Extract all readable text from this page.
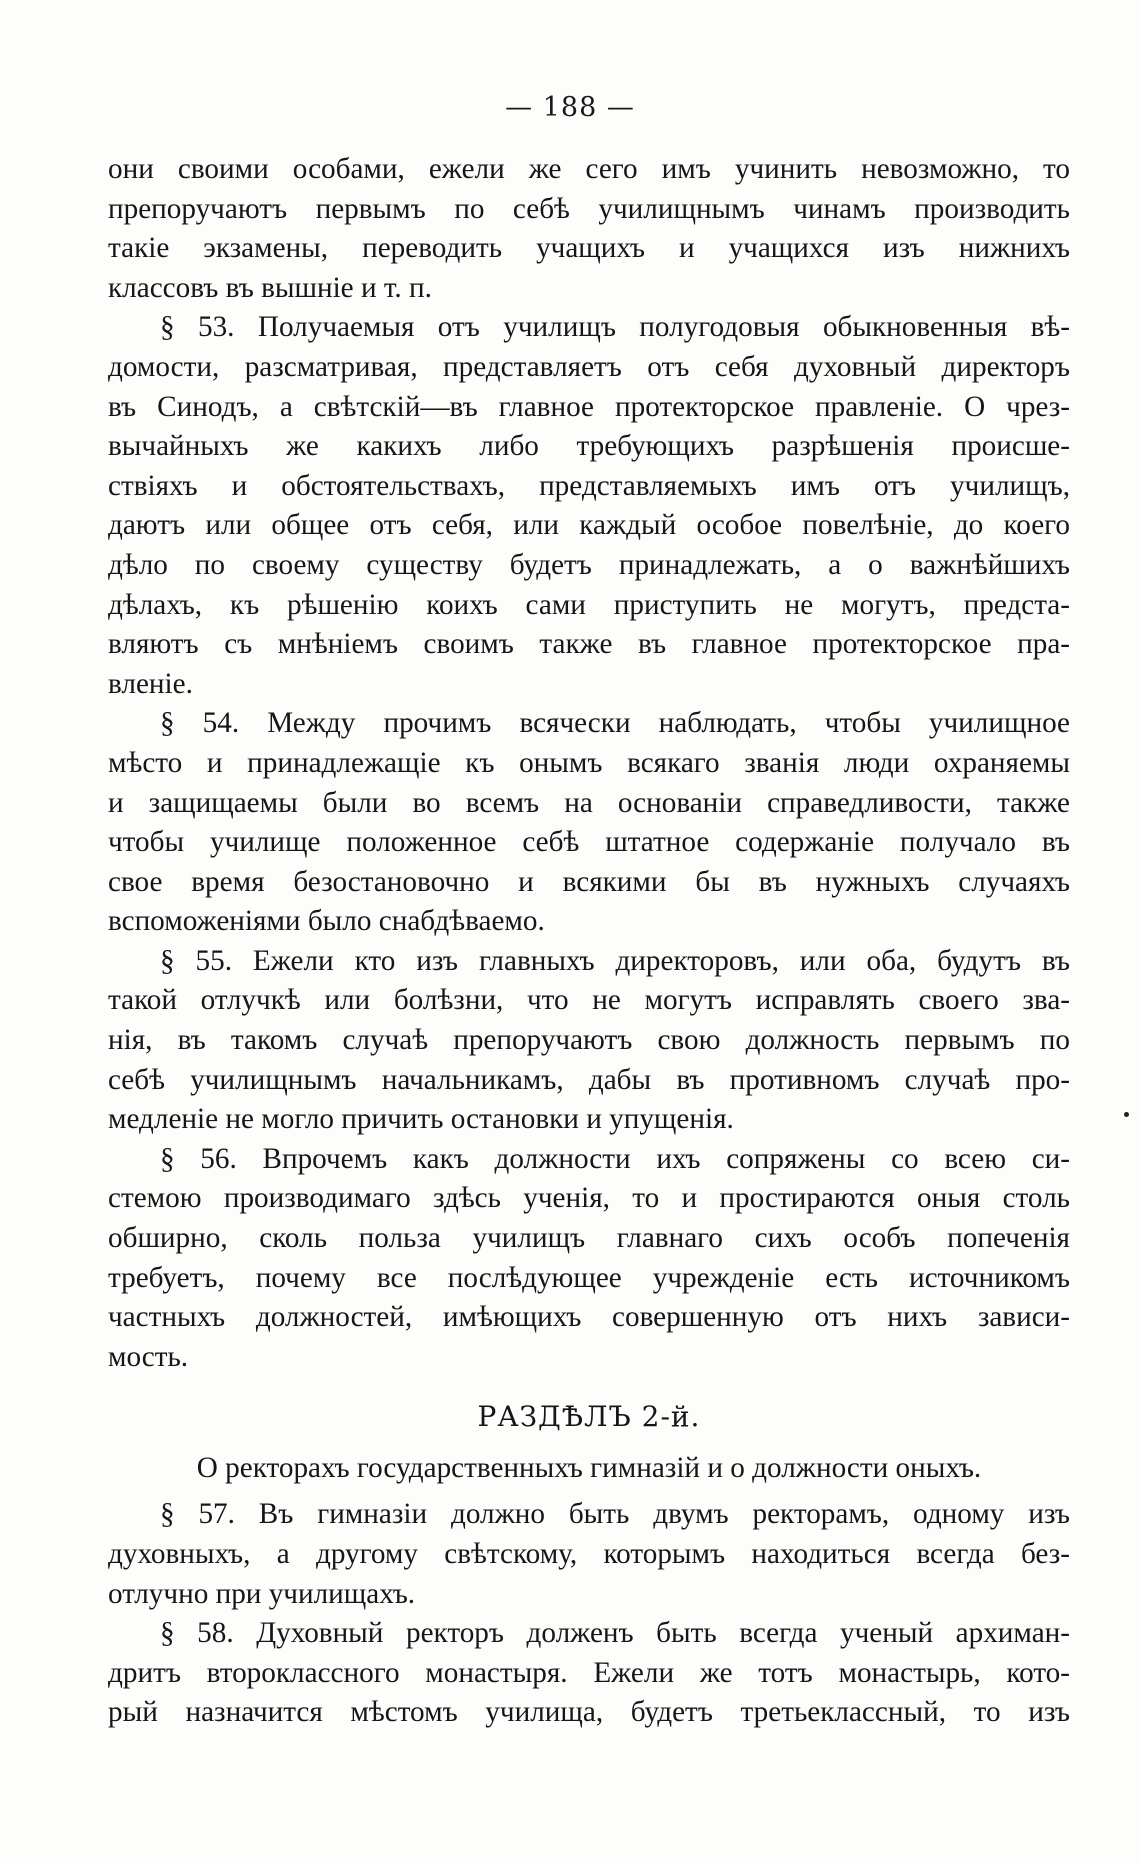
— 188 —
они своими особами, ежели же сего имъ учинить невозможно, то
препоручаютъ первымъ по себѣ училищнымъ чинамъ производить
такіе экзамены, переводить учащихъ и учащихся изъ нижнихъ
классовъ въ вышніе и т. п.
§ 53. Получаемыя отъ училищъ полугодовыя обыкновенныя вѣ-
домости, разсматривая, представляетъ отъ себя духовный директоръ
въ Синодъ, а свѣтскій—въ главное протекторское правленіе. О чрез-
вычайныхъ же какихъ либо требующихъ разрѣшенія происше-
ствіяхъ и обстоятельствахъ, представляемыхъ имъ отъ училищъ,
даютъ или общее отъ себя, или каждый особое повелѣніе, до коего
дѣло по своему существу будетъ принадлежать, а о важнѣйшихъ
дѣлахъ, къ рѣшенію коихъ сами приступить не могутъ, предста-
вляютъ съ мнѣніемъ своимъ также въ главное протекторское пра-
вленіе.
§ 54. Между прочимъ всячески наблюдать, чтобы училищное
мѣсто и принадлежащіе къ онымъ всякаго званія люди охраняемы
и защищаемы были во всемъ на основаніи справедливости, также
чтобы училище положенное себѣ штатное содержаніе получало въ
свое время безостановочно и всякими бы въ нужныхъ случаяхъ
вспоможеніями было снабдѣваемо.
§ 55. Ежели кто изъ главныхъ директоровъ, или оба, будутъ въ
такой отлучкѣ или болѣзни, что не могутъ исправлять своего зва-
нія, въ такомъ случаѣ препоручаютъ свою должность первымъ по
себѣ училищнымъ начальникамъ, дабы въ противномъ случаѣ про-
медленіе не могло причить остановки и упущенія.
§ 56. Впрочемъ какъ должности ихъ сопряжены со всею си-
стемою производимаго здѣсь ученія, то и простираются оныя столь
обширно, сколь польза училищъ главнаго сихъ особъ попеченія
требуетъ, почему все послѣдующее учрежденіе есть источникомъ
частныхъ должностей, имѣющихъ совершенную отъ нихъ зависи-
мость.
РАЗДѢЛЪ 2-й.
О ректорахъ государственныхъ гимназій и о должности оныхъ.
§ 57. Въ гимназіи должно быть двумъ ректорамъ, одному изъ
духовныхъ, а другому свѣтскому, которымъ находиться всегда без-
отлучно при училищахъ.
§ 58. Духовный ректоръ долженъ быть всегда ученый архиман-
дритъ второклассного монастыря. Ежели же тотъ монастырь, кото-
рый назначится мѣстомъ училища, будетъ третьеклассный, то изъ
